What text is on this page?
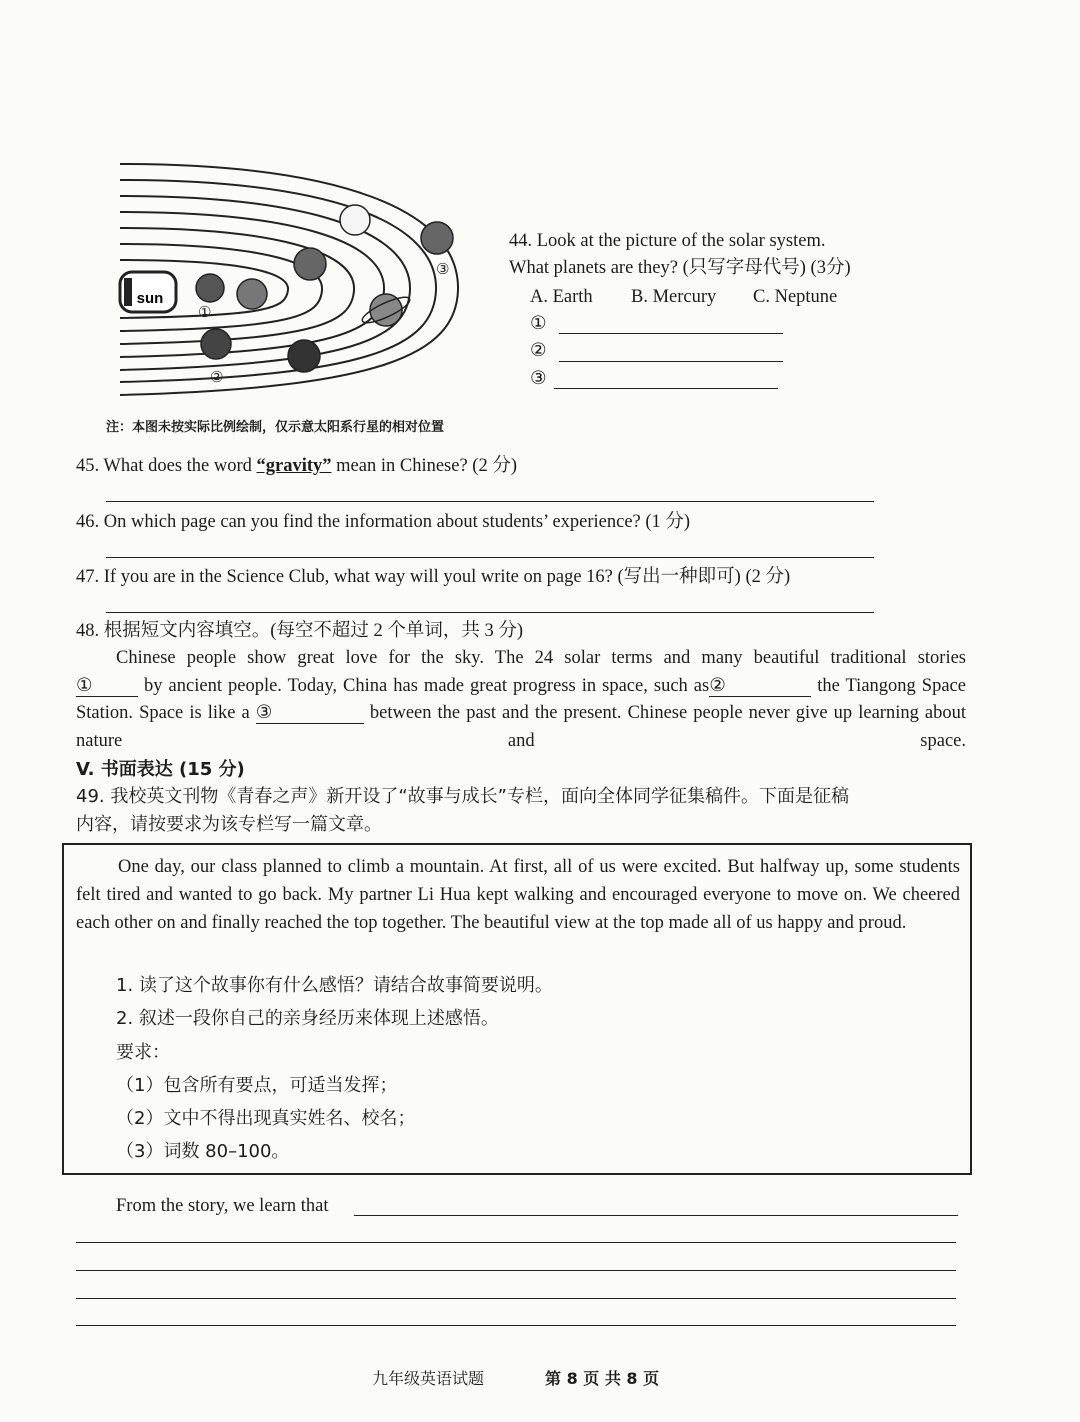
sun
①
②
③
注：本图未按实际比例绘制，仅示意太阳系行星的相对位置
44. Look at the picture of the solar system.
What planets are they? (只写字母代号) (3分)
A. Earth B. Mercury C. Neptune
①
②
③
45. What does the word “gravity” mean in Chinese? (2 分)
46. On which page can you find the information about students’ experience? (1 分)
47. If you are in the Science Club, what way will youl write on page 16? (写出一种即可) (2 分)
48. 根据短文内容填空。(每空不超过 2 个单词，共 3 分)
Chinese people show great love for the sky. The 24 solar terms and many beautiful traditional stories
① by ancient people. Today, China has made great progress in space, such as②	the Tiangong Space Station. Space is like a ③	between the past and the present. Chinese people never give up learning about nature and space.
V. 书面表达 (15 分)
49. 我校英文刊物《青春之声》新开设了“故事与成长”专栏，面向全体同学征集稿件。下面是征稿
内容，请按要求为该专栏写一篇文章。
One day, our class planned to climb a mountain. At first, all of us were excited. But halfway up, some students felt tired and wanted to go back. My partner Li Hua kept walking and encouraged everyone to move on. We cheered each other on and finally reached the top together. The beautiful view at the top made all of us happy and proud.
1. 读了这个故事你有什么感悟？请结合故事简要说明。
2. 叙述一段你自己的亲身经历来体现上述感悟。
要求：
（1）包含所有要点，可适当发挥；
（2）文中不得出现真实姓名、校名；
（3）词数 80–100。
From the story, we learn that
九年级英语试题	第 8 页 共 8 页
